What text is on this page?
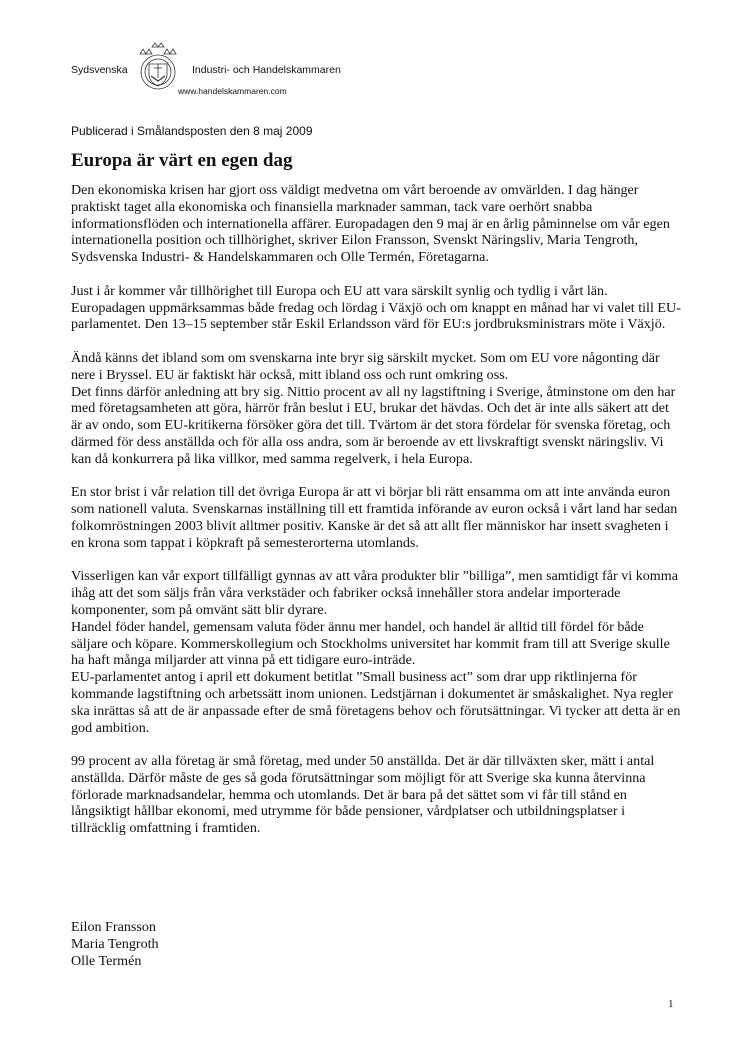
Sydsvenska	Industri- och Handelskammaren
www.handelskammaren.com
Publicerad i Smålandsposten den 8 maj 2009
Europa är värt en egen dag

Den ekonomiska krisen har gjort oss väldigt medvetna om vårt beroende av omvärlden. I dag hänger praktiskt taget alla ekonomiska och finansiella marknader samman, tack vare oerhört snabba informationsflöden och internationella affärer. Europadagen den 9 maj är en årlig påminnelse om vår egen internationella position och tillhörighet, skriver Eilon Fransson, Svenskt Näringsliv, Maria Tengroth, Sydsvenska Industri- & Handelskammaren och Olle Termén, Företagarna.

Just i år kommer vår tillhörighet till Europa och EU att vara särskilt synlig och tydlig i vårt län. Europadagen uppmärksammas både fredag och lördag i Växjö och om knappt en månad har vi valet till EU-parlamentet. Den 13–15 september står Eskil Erlandsson värd för EU:s jordbruksministrars möte i Växjö.

Ändå känns det ibland som om svenskarna inte bryr sig särskilt mycket. Som om EU vore någonting där nere i Bryssel. EU är faktiskt här också, mitt ibland oss och runt omkring oss.
Det finns därför anledning att bry sig. Nittio procent av all ny lagstiftning i Sverige, åtminstone om den har med företagsamheten att göra, härrör från beslut i EU, brukar det hävdas. Och det är inte alls säkert att det är av ondo, som EU-kritikerna försöker göra det till. Tvärtom är det stora fördelar för svenska företag, och därmed för dess anställda och för alla oss andra, som är beroende av ett livskraftigt svenskt näringsliv. Vi kan då konkurrera på lika villkor, med samma regelverk, i hela Europa.

En stor brist i vår relation till det övriga Europa är att vi börjar bli rätt ensamma om att inte använda euron som nationell valuta. Svenskarnas inställning till ett framtida införande av euron också i vårt land har sedan folkomröstningen 2003 blivit alltmer positiv. Kanske är det så att allt fler människor har insett svagheten i en krona som tappat i köpkraft på semesterorterna utomlands.

Visserligen kan vår export tillfälligt gynnas av att våra produkter blir ”billiga”, men samtidigt får vi komma ihåg att det som säljs från våra verkstäder och fabriker också innehåller stora andelar importerade komponenter, som på omvänt sätt blir dyrare.
Handel föder handel, gemensam valuta föder ännu mer handel, och handel är alltid till fördel för både säljare och köpare. Kommerskollegium och Stockholms universitet har kommit fram till att Sverige skulle ha haft många miljarder att vinna på ett tidigare euro-inträde.
EU-parlamentet antog i april ett dokument betitlat ”Small business act” som drar upp riktlinjerna för kommande lagstiftning och arbetssätt inom unionen. Ledstjärnan i dokumentet är småskalighet. Nya regler ska inrättas så att de är anpassade efter de små företagens behov och förutsättningar. Vi tycker att detta är en god ambition.

99 procent av alla företag är små företag, med under 50 anställda. Det är där tillväxten sker, mätt i antal anställda. Därför måste de ges så goda förutsättningar som möjligt för att Sverige ska kunna återvinna förlorade marknadsandelar, hemma och utomlands. Det är bara på det sättet som vi får till stånd en långsiktigt hållbar ekonomi, med utrymme för både pensioner, vårdplatser och utbildningsplatser i tillräcklig omfattning i framtiden.

Eilon Fransson
Maria Tengroth
Olle Termén
1
